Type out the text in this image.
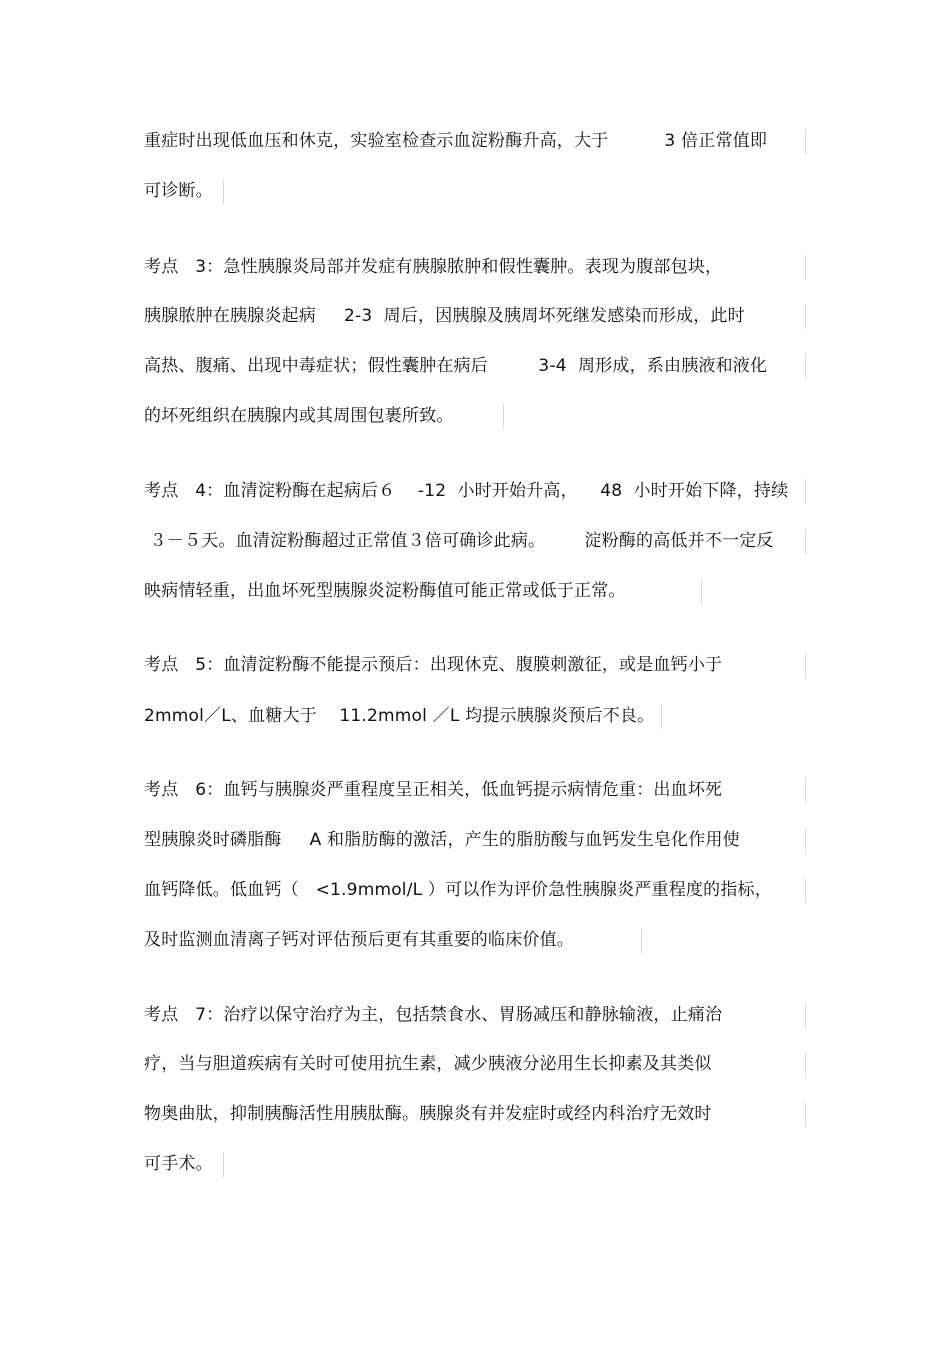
重症时出现低血压和休克，实验室检查示血淀粉酶升高，大于          3 倍正常值即
可诊断。
考点   3：急性胰腺炎局部并发症有胰腺脓肿和假性囊肿。表现为腹部包块，
胰腺脓肿在胰腺炎起病     2-3  周后，因胰腺及胰周坏死继发感染而形成，此时
高热、腹痛、出现中毒症状；假性囊肿在病后         3-4  周形成，系由胰液和液化
的坏死组织在胰腺内或其周围包裹所致。
考点   4：血清淀粉酶在起病后６    -12  小时开始升高，    48  小时开始下降，持续
３－５天。血清淀粉酶超过正常值３倍可确诊此病。       淀粉酶的高低并不一定反
映病情轻重，出血坏死型胰腺炎淀粉酶值可能正常或低于正常。
考点   5：血清淀粉酶不能提示预后：出现休克、腹膜刺激征，或是血钙小于
2mmol／L、血糖大于    11.2mmol ／L 均提示胰腺炎预后不良。
考点   6：血钙与胰腺炎严重程度呈正相关，低血钙提示病情危重：出血坏死
型胰腺炎时磷脂酶     A 和脂肪酶的激活，产生的脂肪酸与血钙发生皂化作用使
血钙降低。低血钙（   <1.9mmol/L ）可以作为评价急性胰腺炎严重程度的指标，
及时监测血清离子钙对评估预后更有其重要的临床价值。
考点   7：治疗以保守治疗为主，包括禁食水、胃肠减压和静脉输液，止痛治
疗，当与胆道疾病有关时可使用抗生素，减少胰液分泌用生长抑素及其类似
物奥曲肽，抑制胰酶活性用胰肽酶。胰腺炎有并发症时或经内科治疗无效时
可手术。
